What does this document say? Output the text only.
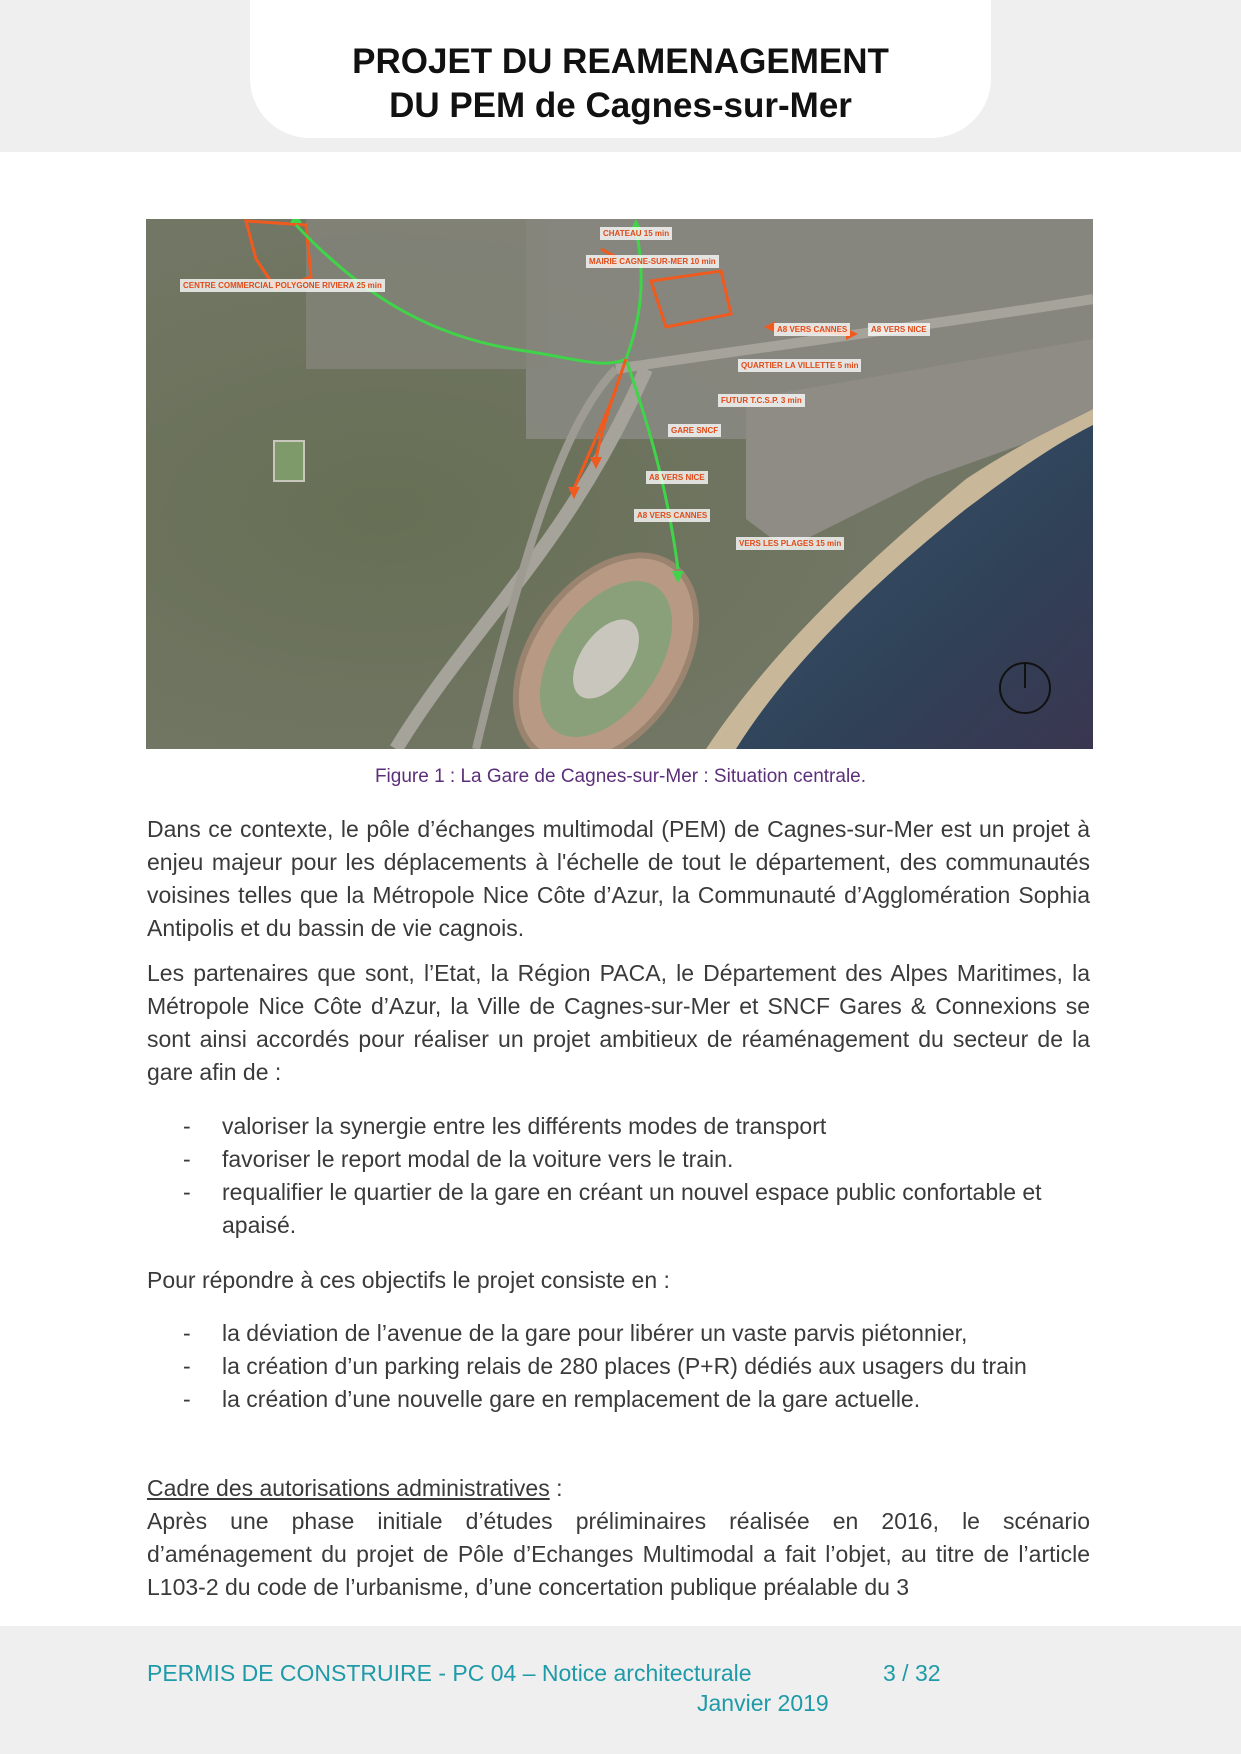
PROJET DU REAMENAGEMENT
DU PEM de Cagnes-sur-Mer
CHATEAU 15 min
MAIRIE CAGNE-SUR-MER 10 min
CENTRE COMMERCIAL POLYGONE RIVIERA 25 min
A8 VERS CANNES	A8 VERS NICE
QUARTIER LA VILLETTE 5 min
FUTUR T.C.S.P. 3 min
GARE SNCF
A8 VERS NICE
A8 VERS CANNES
VERS LES PLAGES 15 min
Figure 1 : La Gare de Cagnes-sur-Mer : Situation centrale.
Dans ce contexte, le pôle d’échanges multimodal (PEM) de Cagnes-sur-Mer est un projet à enjeu majeur pour les déplacements à l'échelle de tout le département, des communautés voisines telles que la Métropole Nice Côte d’Azur, la Communauté d’Agglomération Sophia Antipolis et du bassin de vie cagnois.
Les partenaires que sont, l’Etat, la Région PACA, le Département des Alpes Maritimes, la Métropole Nice Côte d’Azur, la Ville de Cagnes-sur-Mer et SNCF Gares & Connexions se sont ainsi accordés pour réaliser un projet ambitieux de réaménagement du secteur de la gare afin de :
- valoriser la synergie entre les différents modes de transport
- favoriser le report modal de la voiture vers le train.
- requalifier le quartier de la gare en créant un nouvel espace public confortable et apaisé.
Pour répondre à ces objectifs le projet consiste en :
- la déviation de l’avenue de la gare pour libérer un vaste parvis piétonnier,
- la création d’un parking relais de 280 places (P+R) dédiés aux usagers du train
- la création d’une nouvelle gare en remplacement de la gare actuelle.
Cadre des autorisations administratives :
Après une phase initiale d’études préliminaires réalisée en 2016, le scénario d’aménagement du projet de Pôle d’Echanges Multimodal a fait l’objet, au titre de l’article L103-2 du code de l’urbanisme, d’une concertation publique préalable du 3
PERMIS DE CONSTRUIRE - PC 04 – Notice architecturale	3 / 32
Janvier 2019
